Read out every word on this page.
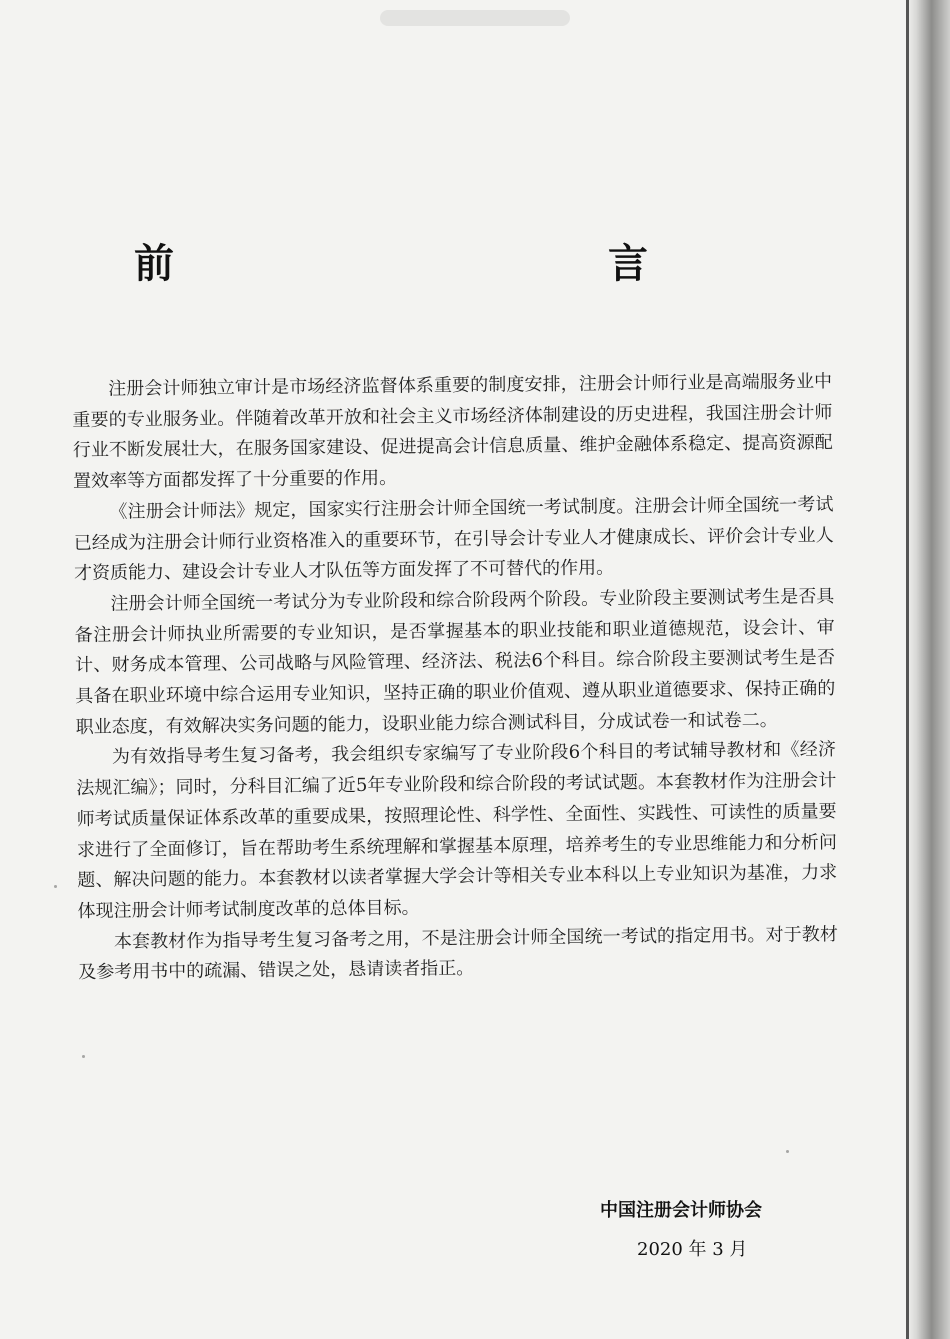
前　　言

注册会计师独立审计是市场经济监督体系重要的制度安排，注册会计师行业是高端服务业中重要的专业服务业。伴随着改革开放和社会主义市场经济体制建设的历史进程，我国注册会计师行业不断发展壮大，在服务国家建设、促进提高会计信息质量、维护金融体系稳定、提高资源配置效率等方面都发挥了十分重要的作用。

《注册会计师法》规定，国家实行注册会计师全国统一考试制度。注册会计师全国统一考试已经成为注册会计师行业资格准入的重要环节，在引导会计专业人才健康成长、评价会计专业人才资质能力、建设会计专业人才队伍等方面发挥了不可替代的作用。

注册会计师全国统一考试分为专业阶段和综合阶段两个阶段。专业阶段主要测试考生是否具备注册会计师执业所需要的专业知识，是否掌握基本的职业技能和职业道德规范，设会计、审计、财务成本管理、公司战略与风险管理、经济法、税法6个科目。综合阶段主要测试考生是否具备在职业环境中综合运用专业知识，坚持正确的职业价值观、遵从职业道德要求、保持正确的职业态度，有效解决实务问题的能力，设职业能力综合测试科目，分成试卷一和试卷二。

为有效指导考生复习备考，我会组织专家编写了专业阶段6个科目的考试辅导教材和《经济法规汇编》；同时，分科目汇编了近5年专业阶段和综合阶段的考试试题。本套教材作为注册会计师考试质量保证体系改革的重要成果，按照理论性、科学性、全面性、实践性、可读性的质量要求进行了全面修订，旨在帮助考生系统理解和掌握基本原理，培养考生的专业思维能力和分析问题、解决问题的能力。本套教材以读者掌握大学会计等相关专业本科以上专业知识为基准，力求体现注册会计师考试制度改革的总体目标。

本套教材作为指导考生复习备考之用，不是注册会计师全国统一考试的指定用书。对于教材及参考用书中的疏漏、错误之处，恳请读者指正。

中国注册会计师协会
2020 年 3 月
